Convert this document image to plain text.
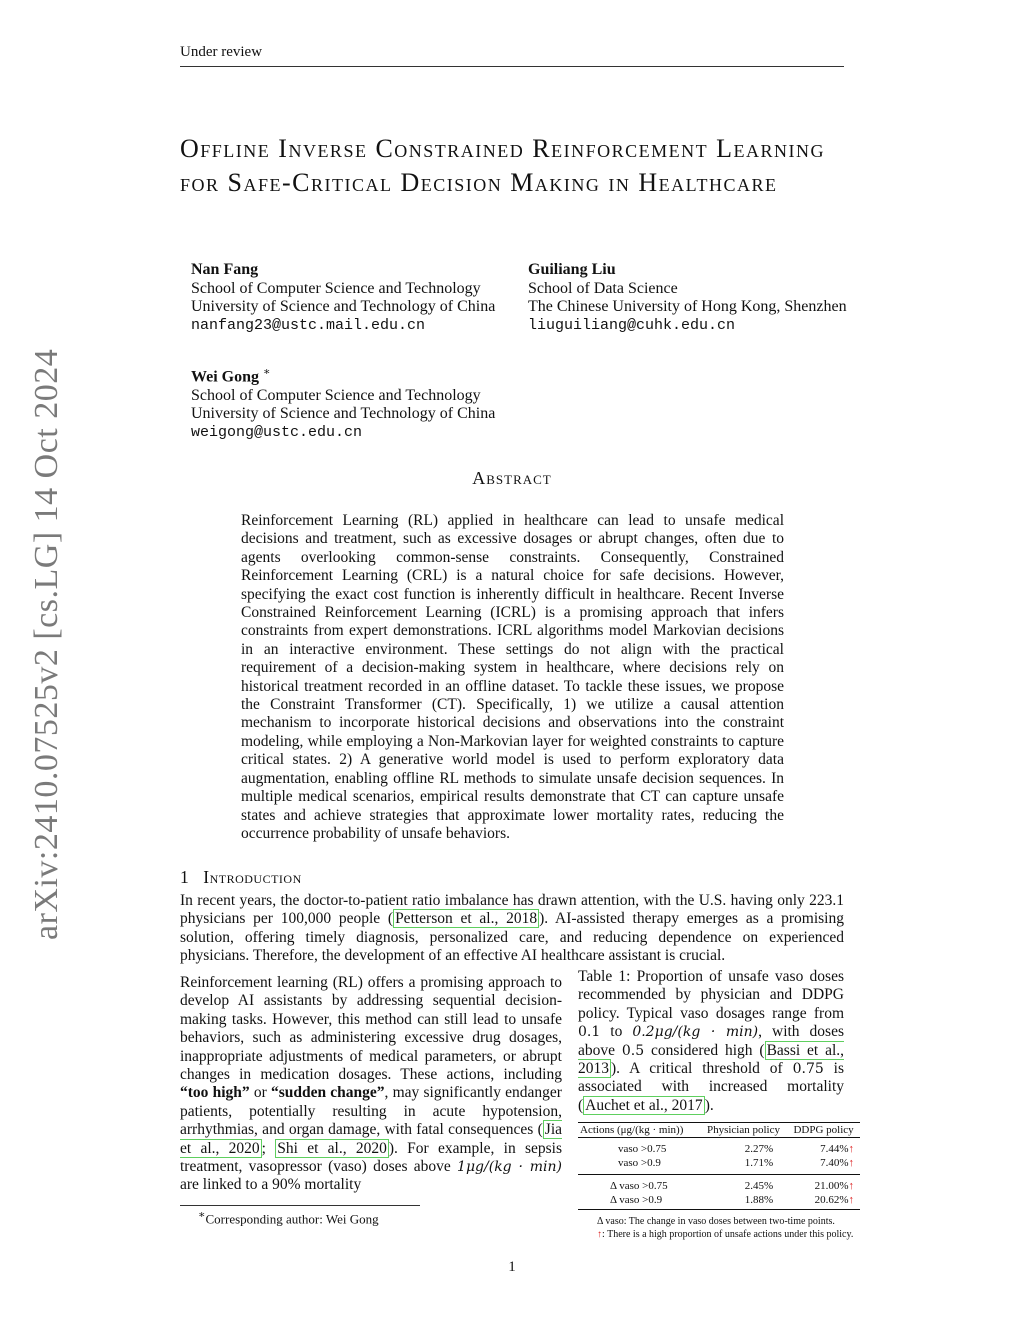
Under review
Offline Inverse Constrained Reinforcement Learning for Safe-Critical Decision Making in Healthcare
Nan Fang
School of Computer Science and Technology
University of Science and Technology of China
nanfang23@ustc.mail.edu.cn
Guiliang Liu
School of Data Science
The Chinese University of Hong Kong, Shenzhen
liuguiliang@cuhk.edu.cn
Wei Gong ∗
School of Computer Science and Technology
University of Science and Technology of China
weigong@ustc.edu.cn
arXiv:2410.07525v2 [cs.LG] 14 Oct 2024	Abstract
Reinforcement Learning (RL) applied in healthcare can lead to unsafe medical decisions and treatment, such as excessive dosages or abrupt changes, often due to agents overlooking common-sense constraints. Consequently, Constrained Reinforcement Learning (CRL) is a natural choice for safe decisions. However, specifying the exact cost function is inherently difficult in healthcare. Recent Inverse Constrained Reinforcement Learning (ICRL) is a promising approach that infers constraints from expert demonstrations. ICRL algorithms model Markovian decisions in an interactive environment. These settings do not align with the practical requirement of a decision-making system in healthcare, where decisions rely on historical treatment recorded in an offline dataset. To tackle these issues, we propose the Constraint Transformer (CT). Specifically, 1) we utilize a causal attention mechanism to incorporate historical decisions and observations into the constraint modeling, while employing a Non-Markovian layer for weighted constraints to capture critical states. 2) A generative world model is used to perform exploratory data augmentation, enabling offline RL methods to simulate unsafe decision sequences. In multiple medical scenarios, empirical results demonstrate that CT can capture unsafe states and achieve strategies that approximate lower mortality rates, reducing the occurrence probability of unsafe behaviors.
1 Introduction
In recent years, the doctor-to-patient ratio imbalance has drawn attention, with the U.S. having only 223.1 physicians per 100,000 people ( Petterson et al., 2018 ). AI-assisted therapy emerges as a promising solution, offering timely diagnosis, personalized care, and reducing dependence on experienced physicians. Therefore, the development of an effective AI healthcare assistant is crucial.
Reinforcement learning (RL) offers a promising approach to develop AI assistants by addressing sequential decision-making tasks. However, this method can still lead to unsafe behaviors, such as administering excessive drug dosages, inappropriate adjustments of medical parameters, or abrupt changes in medication dosages. These actions, including “too high” or “sudden change”, may significantly endanger patients, potentially resulting in acute hypotension, arrhythmias, and organ damage, with fatal consequences ( Jia et al., 2020 ; Shi et al., 2020 ). For example, in sepsis treatment, vasopressor (vaso) doses above 1μg/(kg · min) are linked to a 90% mortality
Table 1: Proportion of unsafe vaso doses recommended by physician and DDPG policy. Typical vaso dosages range from 0.1 to 0.2μg/(kg · min), with doses above 0.5 considered high ( Bassi et al., 2013 ). A critical threshold of 0.75 is associated with increased mortality ( Auchet et al., 2017 ).
Actions (μg/(kg · min))	Physician policy	DDPG policy
vaso >0.75	2.27%	7.44%↑
vaso >0.9	1.71%	7.40%↑
Δ vaso >0.75	2.45%	21.00%↑
Δ vaso >0.9	1.88%	20.62%↑
Δ vaso: The change in vaso doses between two-time points.
↑: There is a high proportion of unsafe actions under this policy.
∗Corresponding author: Wei Gong
1
